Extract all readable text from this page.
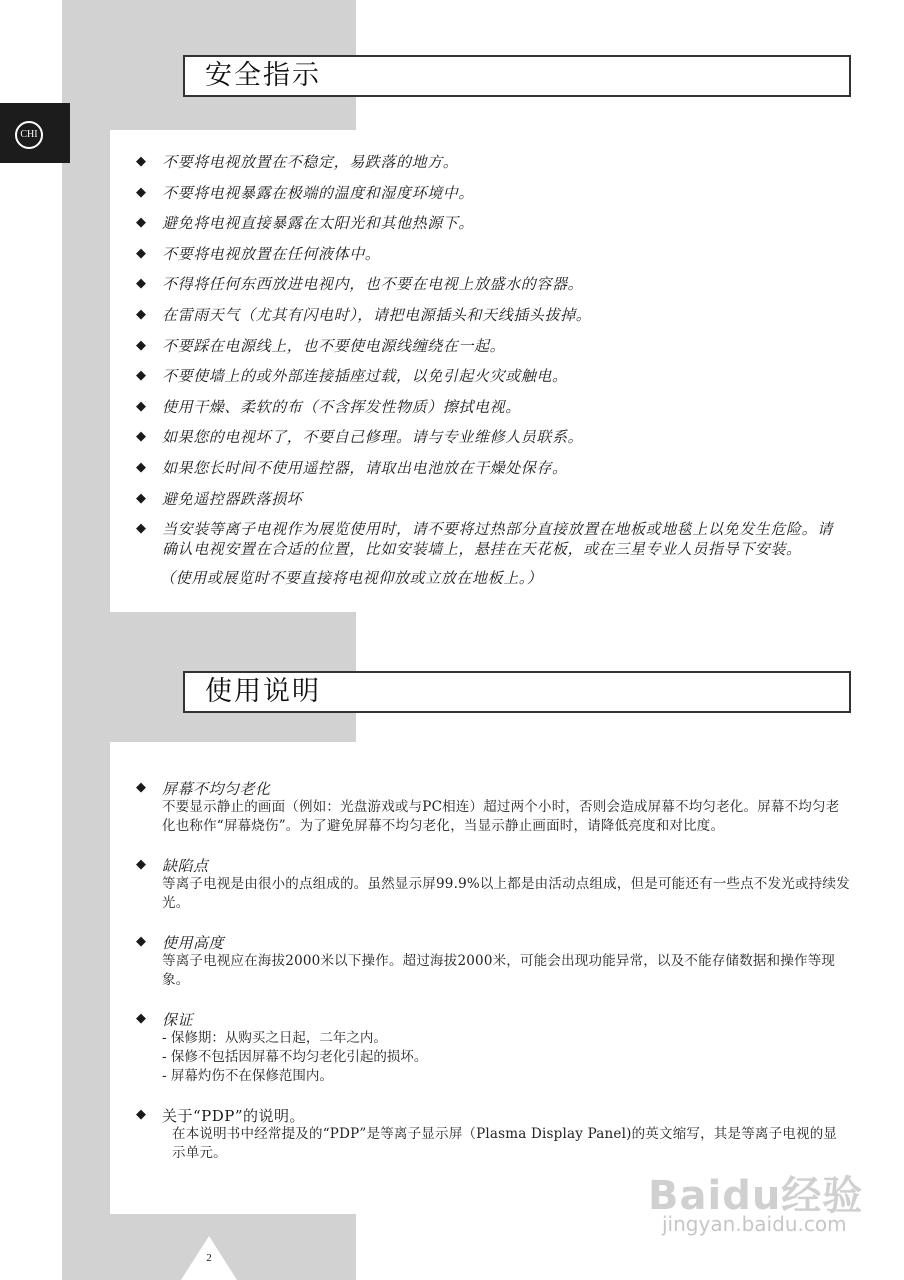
CHI
安全指示
◆ 不要将电视放置在不稳定，易跌落的地方。
◆ 不要将电视暴露在极端的温度和湿度环境中。
◆ 避免将电视直接暴露在太阳光和其他热源下。
◆ 不要将电视放置在任何液体中。
◆ 不得将任何东西放进电视内，也不要在电视上放盛水的容器。
◆ 在雷雨天气（尤其有闪电时），请把电源插头和天线插头拔掉。
◆ 不要踩在电源线上，也不要使电源线缠绕在一起。
◆ 不要使墙上的或外部连接插座过载，以免引起火灾或触电。
◆ 使用干燥、柔软的布（不含挥发性物质）擦拭电视。
◆ 如果您的电视坏了，不要自己修理。请与专业维修人员联系。
◆ 如果您长时间不使用遥控器，请取出电池放在干燥处保存。
◆ 避免遥控器跌落损坏
◆ 当安装等离子电视作为展览使用时，请不要将过热部分直接放置在地板或地毯上以免发生危险。请确认电视安置在合适的位置，比如安装墙上，悬挂在天花板，或在三星专业人员指导下安装。
（使用或展览时不要直接将电视仰放或立放在地板上。）
使用说明
◆ 屏幕不均匀老化
不要显示静止的画面（例如：光盘游戏或与PC相连）超过两个小时，否则会造成屏幕不均匀老化。屏幕不均匀老化也称作“屏幕烧伤”。为了避免屏幕不均匀老化，当显示静止画面时，请降低亮度和对比度。
◆ 缺陷点
等离子电视是由很小的点组成的。虽然显示屏99.9%以上都是由活动点组成，但是可能还有一些点不发光或持续发光。
◆ 使用高度
等离子电视应在海拔2000米以下操作。超过海拔2000米，可能会出现功能异常，以及不能存储数据和操作等现象。
◆ 保证
- 保修期：从购买之日起，二年之内。
- 保修不包括因屏幕不均匀老化引起的损坏。
- 屏幕灼伤不在保修范围内。
◆ 关于“PDP”的说明。
在本说明书中经常提及的“PDP”是等离子显示屏（Plasma Display Panel)的英文缩写，其是等离子电视的显示单元。
2
Baidu经验
jingyan.baidu.com
